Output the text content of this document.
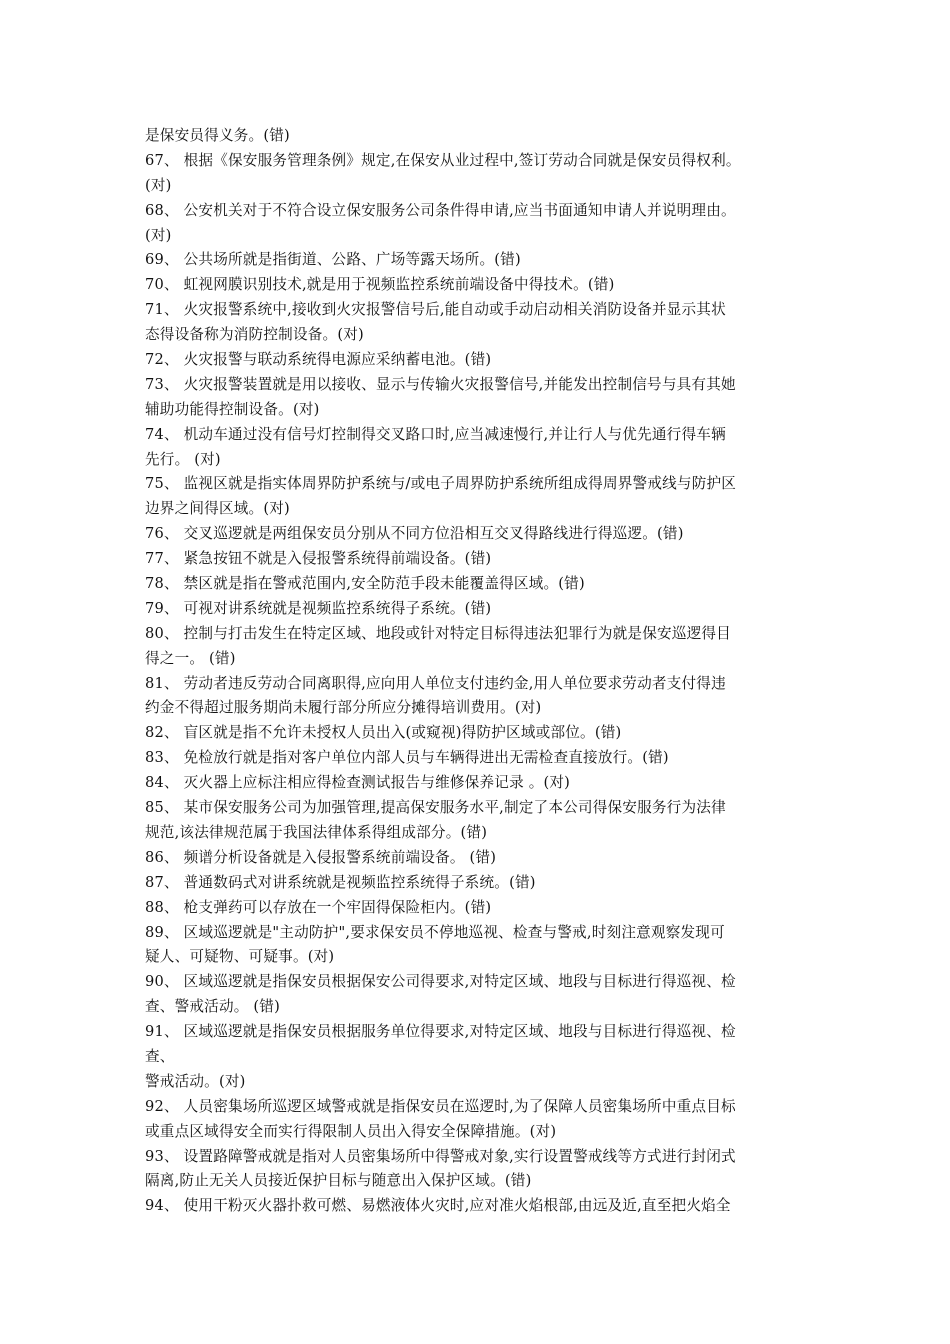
是保安员得义务。(错)
67、 根据《保安服务管理条例》规定,在保安从业过程中,签订劳动合同就是保安员得权利。
(对)
68、 公安机关对于不符合设立保安服务公司条件得申请,应当书面通知申请人并说明理由。
(对)
69、 公共场所就是指街道、公路、广场等露天场所。(错)
70、 虹视网膜识别技术,就是用于视频监控系统前端设备中得技术。(错)
71、 火灾报警系统中,接收到火灾报警信号后,能自动或手动启动相关消防设备并显示其状
态得设备称为消防控制设备。(对)
72、 火灾报警与联动系统得电源应采纳蓄电池。(错)
73、 火灾报警装置就是用以接收、显示与传输火灾报警信号,并能发出控制信号与具有其她
辅助功能得控制设备。(对)
74、 机动车通过没有信号灯控制得交叉路口时,应当减速慢行,并让行人与优先通行得车辆
先行。 (对)
75、 监视区就是指实体周界防护系统与/或电子周界防护系统所组成得周界警戒线与防护区
边界之间得区域。(对)
76、 交叉巡逻就是两组保安员分别从不同方位沿相互交叉得路线进行得巡逻。(错)
77、 紧急按钮不就是入侵报警系统得前端设备。(错)
78、 禁区就是指在警戒范围内,安全防范手段未能覆盖得区域。(错)
79、 可视对讲系统就是视频监控系统得子系统。(错)
80、 控制与打击发生在特定区域、地段或针对特定目标得违法犯罪行为就是保安巡逻得目
得之一。 (错)
81、 劳动者违反劳动合同离职得,应向用人单位支付违约金,用人单位要求劳动者支付得违
约金不得超过服务期尚未履行部分所应分摊得培训费用。(对)
82、 盲区就是指不允许未授权人员出入(或窥视)得防护区域或部位。(错)
83、 免检放行就是指对客户单位内部人员与车辆得进出无需检查直接放行。(错)
84、 灭火器上应标注相应得检查测试报告与维修保养记录 。(对)
85、 某市保安服务公司为加强管理,提高保安服务水平,制定了本公司得保安服务行为法律
规范,该法律规范属于我国法律体系得组成部分。(错)
86、 频谱分析设备就是入侵报警系统前端设备。 (错)
87、 普通数码式对讲系统就是视频监控系统得子系统。(错)
88、 枪支弹药可以存放在一个牢固得保险柜内。(错)
89、 区域巡逻就是"主动防护",要求保安员不停地巡视、检查与警戒,时刻注意观察发现可
疑人、可疑物、可疑事。(对)
90、 区域巡逻就是指保安员根据保安公司得要求,对特定区域、地段与目标进行得巡视、检
查、警戒活动。 (错)
91、 区域巡逻就是指保安员根据服务单位得要求,对特定区域、地段与目标进行得巡视、检
查、
警戒活动。(对)
92、 人员密集场所巡逻区域警戒就是指保安员在巡逻时,为了保障人员密集场所中重点目标
或重点区域得安全而实行得限制人员出入得安全保障措施。(对)
93、 设置路障警戒就是指对人员密集场所中得警戒对象,实行设置警戒线等方式进行封闭式
隔离,防止无关人员接近保护目标与随意出入保护区域。(错)
94、 使用干粉灭火器扑救可燃、易燃液体火灾时,应对准火焰根部,由远及近,直至把火焰全
